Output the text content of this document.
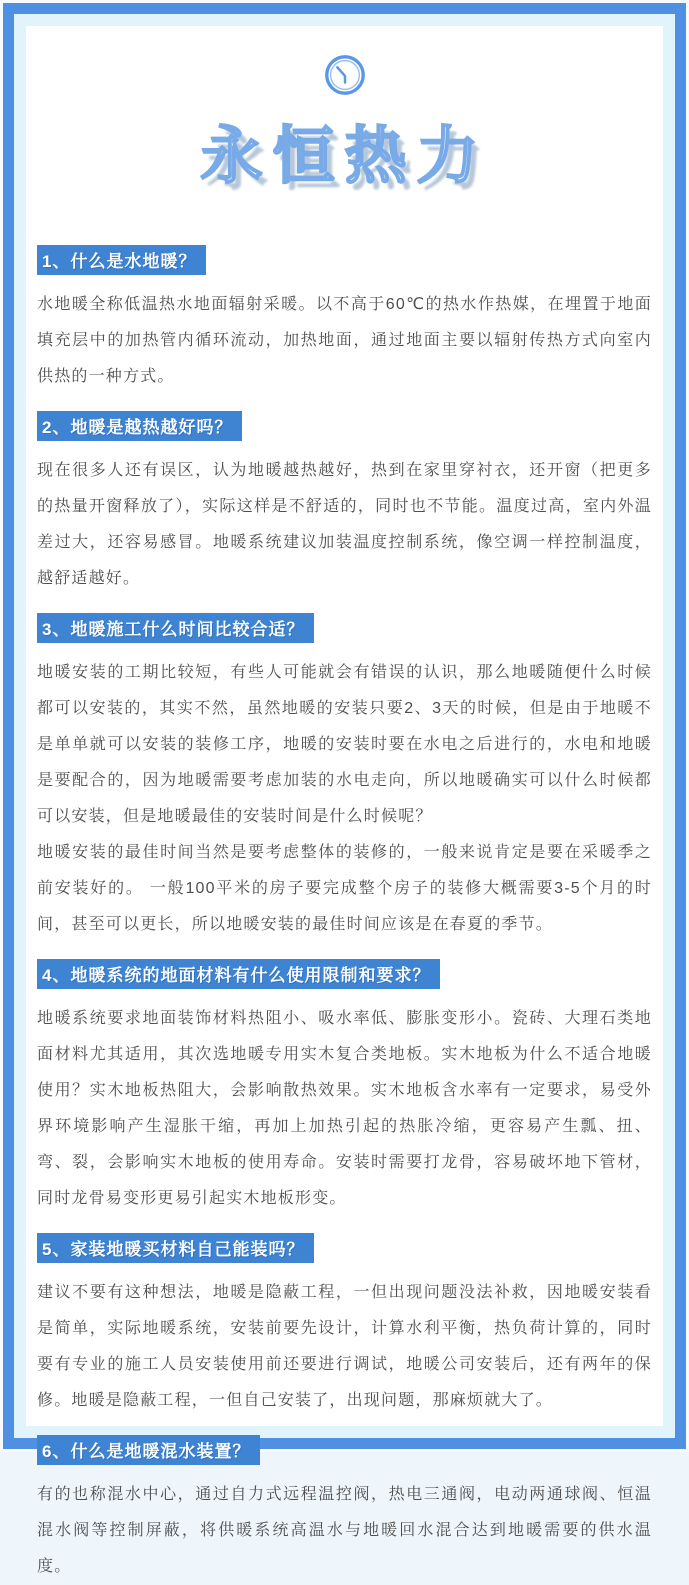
永恒热力
1、什么是水地暖？

水地暖全称低温热水地面辐射采暖。以不高于60℃的热水作热媒，在埋置于地面填充层中的加热管内循环流动，加热地面，通过地面主要以辐射传热方式向室内供热的一种方式。

2、地暖是越热越好吗？

现在很多人还有误区，认为地暖越热越好，热到在家里穿衬衣，还开窗（把更多的热量开窗释放了），实际这样是不舒适的，同时也不节能。温度过高，室内外温差过大，还容易感冒。地暖系统建议加装温度控制系统，像空调一样控制温度，越舒适越好。

3、地暖施工什么时间比较合适？

地暖安装的工期比较短，有些人可能就会有错误的认识，那么地暖随便什么时候都可以安装的，其实不然，虽然地暖的安装只要2、3天的时候，但是由于地暖不是单单就可以安装的装修工序，地暖的安装时要在水电之后进行的，水电和地暖是要配合的，因为地暖需要考虑加装的水电走向，所以地暖确实可以什么时候都可以安装，但是地暖最佳的安装时间是什么时候呢？

地暖安装的最佳时间当然是要考虑整体的装修的，一般来说肯定是要在采暖季之前安装好的。 一般100平米的房子要完成整个房子的装修大概需要3-5个月的时间，甚至可以更长，所以地暖安装的最佳时间应该是在春夏的季节。

4、地暖系统的地面材料有什么使用限制和要求？

地暖系统要求地面装饰材料热阻小、吸水率低、膨胀变形小。瓷砖、大理石类地面材料尤其适用，其次选地暖专用实木复合类地板。实木地板为什么不适合地暖使用？实木地板热阻大，会影响散热效果。实木地板含水率有一定要求，易受外界环境影响产生湿胀干缩，再加上加热引起的热胀冷缩，更容易产生瓢、扭、弯、裂，会影响实木地板的使用寿命。安装时需要打龙骨，容易破坏地下管材，同时龙骨易变形更易引起实木地板形变。

5、家装地暖买材料自己能装吗？

建议不要有这种想法，地暖是隐蔽工程，一但出现问题没法补救，因地暖安装看是简单，实际地暖系统，安装前要先设计，计算水利平衡，热负荷计算的，同时要有专业的施工人员安装使用前还要进行调试，地暖公司安装后，还有两年的保修。地暖是隐蔽工程，一但自己安装了，出现问题，那麻烦就大了。

6、什么是地暖混水装置？

有的也称混水中心，通过自力式远程温控阀，热电三通阀，电动两通球阀、恒温混水阀等控制屏蔽，将供暖系统高温水与地暖回水混合达到地暖需要的供水温度。
